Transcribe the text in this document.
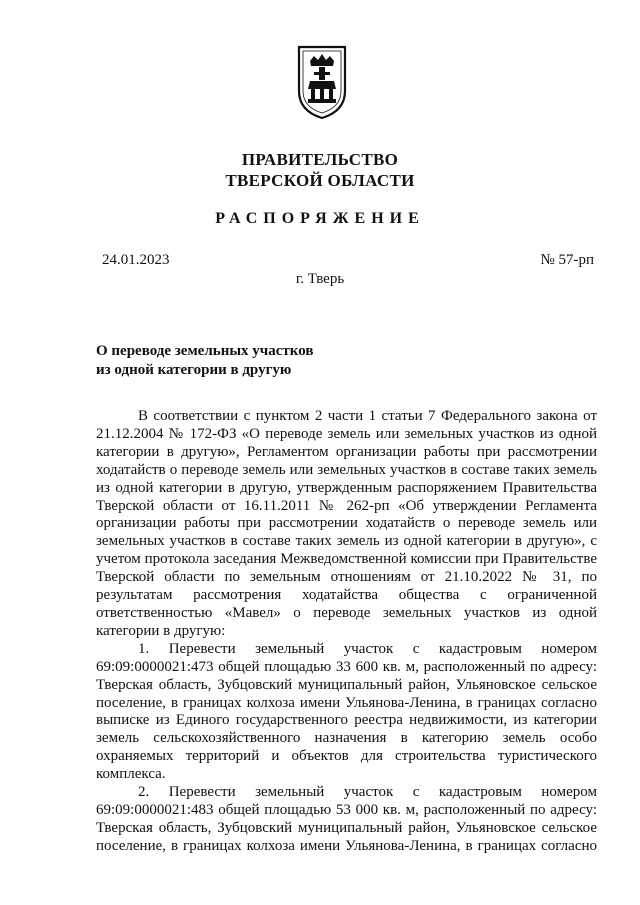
ПРАВИТЕЛЬСТВО
ТВЕРСКОЙ ОБЛАСТИ
РАСПОРЯЖЕНИЕ
24.01.2023	№ 57-рп
г. Тверь
О переводе земельных участков
из одной категории в другую

В соответствии с пунктом 2 части 1 статьи 7 Федерального закона от 21.12.2004 № 172-ФЗ «О переводе земель или земельных участков из одной категории в другую», Регламентом организации работы при рассмотрении ходатайств о переводе земель или земельных участков в составе таких земель из одной категории в другую, утвержденным распоряжением Правительства Тверской области от 16.11.2011 № 262-рп «Об утверждении Регламента организации работы при рассмотрении ходатайств о переводе земель или земельных участков в составе таких земель из одной категории в другую», с учетом протокола заседания Межведомственной комиссии при Правительстве Тверской области по земельным отношениям от 21.10.2022 № 31, по результатам рассмотрения ходатайства общества с ограниченной ответственностью «Мавел» о переводе земельных участков из одной категории в другую:

1. Перевести земельный участок с кадастровым номером 69:09:0000021:473 общей площадью 33 600 кв. м, расположенный по адресу: Тверская область, Зубцовский муниципальный район, Ульяновское сельское поселение, в границах колхоза имени Ульянова-Ленина, в границах согласно выписке из Единого государственного реестра недвижимости, из категории земель сельскохозяйственного назначения в категорию земель особо охраняемых территорий и объектов для строительства туристического комплекса.

2. Перевести земельный участок с кадастровым номером 69:09:0000021:483 общей площадью 53 000 кв. м, расположенный по адресу: Тверская область, Зубцовский муниципальный район, Ульяновское сельское поселение, в границах колхоза имени Ульянова-Ленина, в границах согласно
